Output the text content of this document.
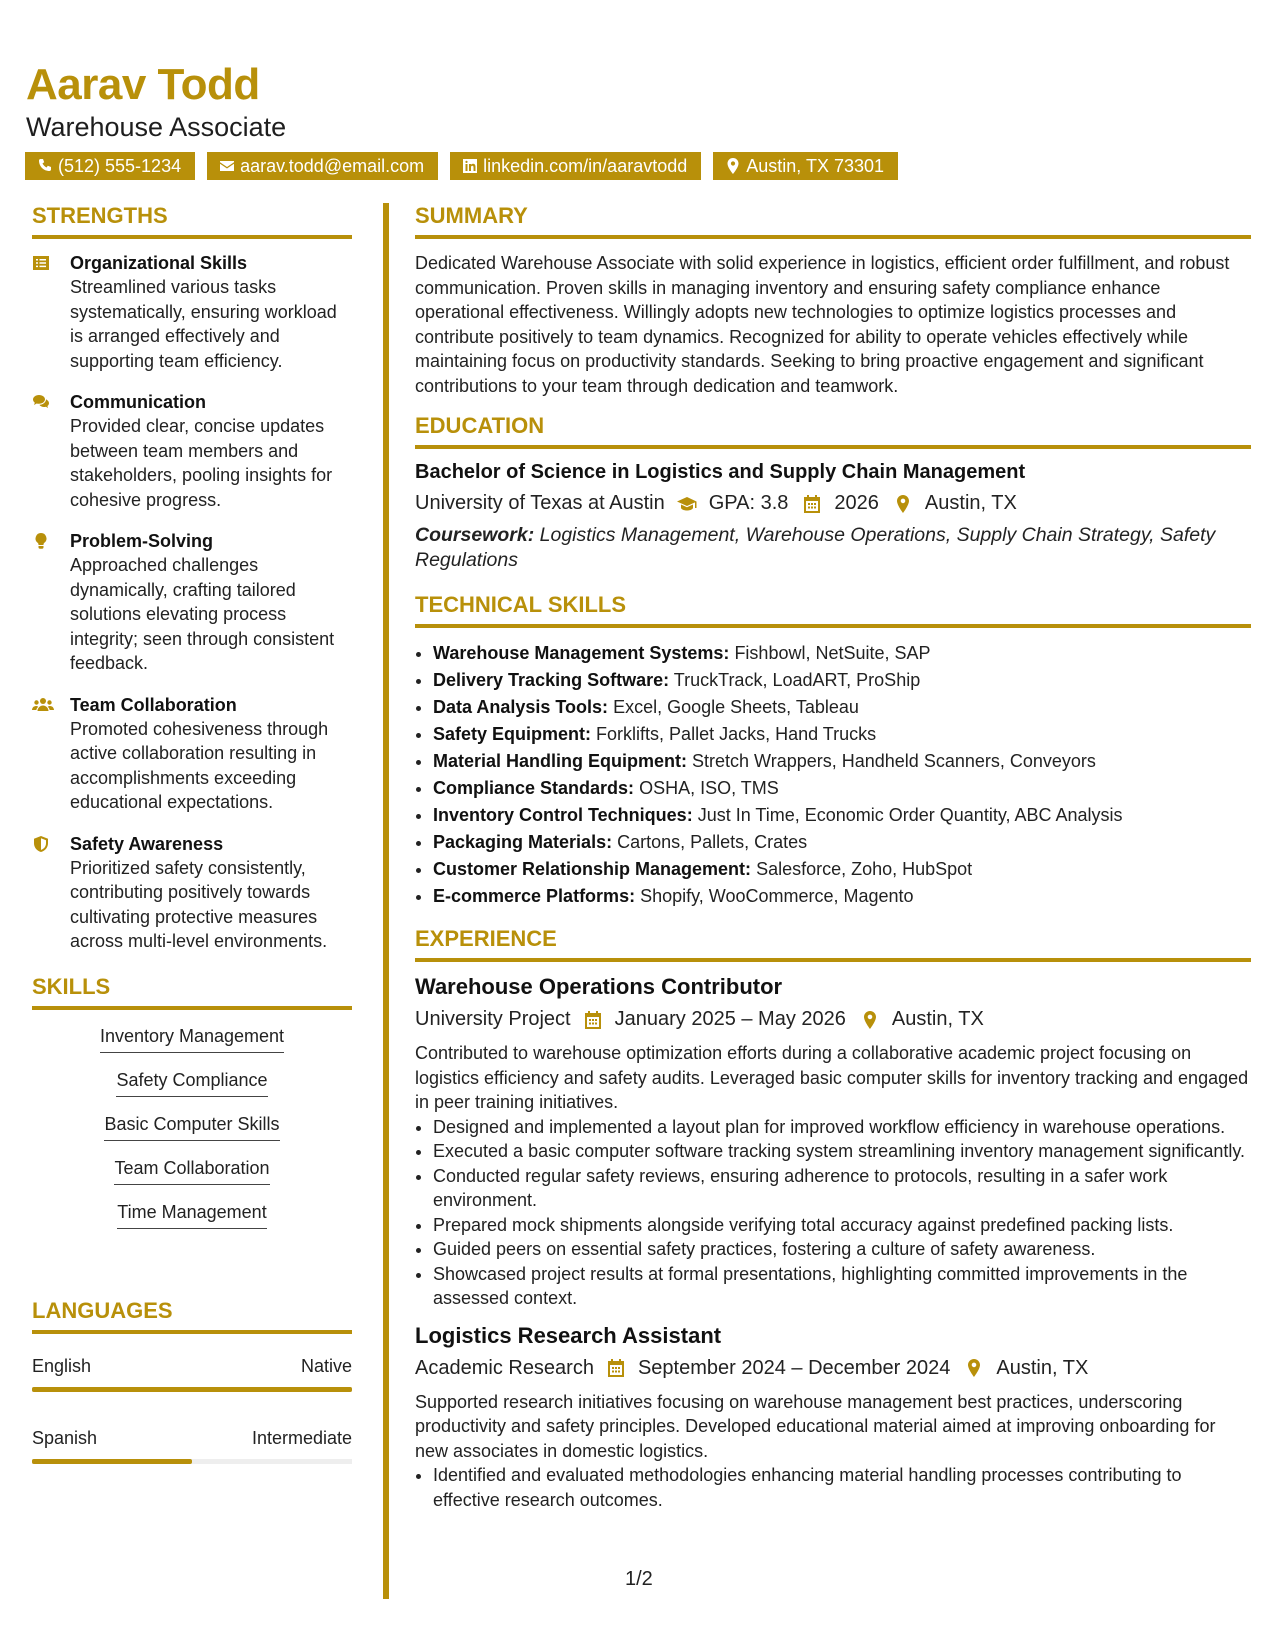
Aarav Todd
Warehouse Associate
(512) 555-1234	aarav.todd@email.com	linkedin.com/in/aaravtodd	Austin, TX 73301
STRENGTHS
Organizational Skills
Streamlined various tasks systematically, ensuring workload is arranged effectively and supporting team efficiency.
Communication
Provided clear, concise updates between team members and stakeholders, pooling insights for cohesive progress.
Problem-Solving
Approached challenges dynamically, crafting tailored solutions elevating process integrity; seen through consistent feedback.
Team Collaboration
Promoted cohesiveness through active collaboration resulting in accomplishments exceeding educational expectations.
Safety Awareness
Prioritized safety consistently, contributing positively towards cultivating protective measures across multi-level environments.
SKILLS
Inventory Management
Safety Compliance
Basic Computer Skills
Team Collaboration
Time Management
LANGUAGES
English	Native
Spanish	Intermediate
SUMMARY

Dedicated Warehouse Associate with solid experience in logistics, efficient order fulfillment, and robust communication. Proven skills in managing inventory and ensuring safety compliance enhance operational effectiveness. Willingly adopts new technologies to optimize logistics processes and contribute positively to team dynamics. Recognized for ability to operate vehicles effectively while maintaining focus on productivity standards. Seeking to bring proactive engagement and significant contributions to your team through dedication and teamwork.

EDUCATION
Bachelor of Science in Logistics and Supply Chain Management
University of Texas at Austin GPA: 3.8 2026 Austin, TX
Coursework: Logistics Management, Warehouse Operations, Supply Chain Strategy, Safety Regulations
TECHNICAL SKILLS
• Warehouse Management Systems: Fishbowl, NetSuite, SAP
• Delivery Tracking Software: TruckTrack, LoadART, ProShip
• Data Analysis Tools: Excel, Google Sheets, Tableau
• Safety Equipment: Forklifts, Pallet Jacks, Hand Trucks
• Material Handling Equipment: Stretch Wrappers, Handheld Scanners, Conveyors
• Compliance Standards: OSHA, ISO, TMS
• Inventory Control Techniques: Just In Time, Economic Order Quantity, ABC Analysis
• Packaging Materials: Cartons, Pallets, Crates
• Customer Relationship Management: Salesforce, Zoho, HubSpot
• E-commerce Platforms: Shopify, WooCommerce, Magento
EXPERIENCE
Warehouse Operations Contributor
University Project January 2025 – May 2026 Austin, TX
Contributed to warehouse optimization efforts during a collaborative academic project focusing on logistics efficiency and safety audits. Leveraged basic computer skills for inventory tracking and engaged in peer training initiatives.
• Designed and implemented a layout plan for improved workflow efficiency in warehouse operations.
• Executed a basic computer software tracking system streamlining inventory management significantly.
• Conducted regular safety reviews, ensuring adherence to protocols, resulting in a safer work environment.
• Prepared mock shipments alongside verifying total accuracy against predefined packing lists.
• Guided peers on essential safety practices, fostering a culture of safety awareness.
• Showcased project results at formal presentations, highlighting committed improvements in the assessed context.
Logistics Research Assistant
Academic Research September 2024 – December 2024 Austin, TX
Supported research initiatives focusing on warehouse management best practices, underscoring productivity and safety principles. Developed educational material aimed at improving onboarding for new associates in domestic logistics.
• Identified and evaluated methodologies enhancing material handling processes contributing to effective research outcomes.
1/2
